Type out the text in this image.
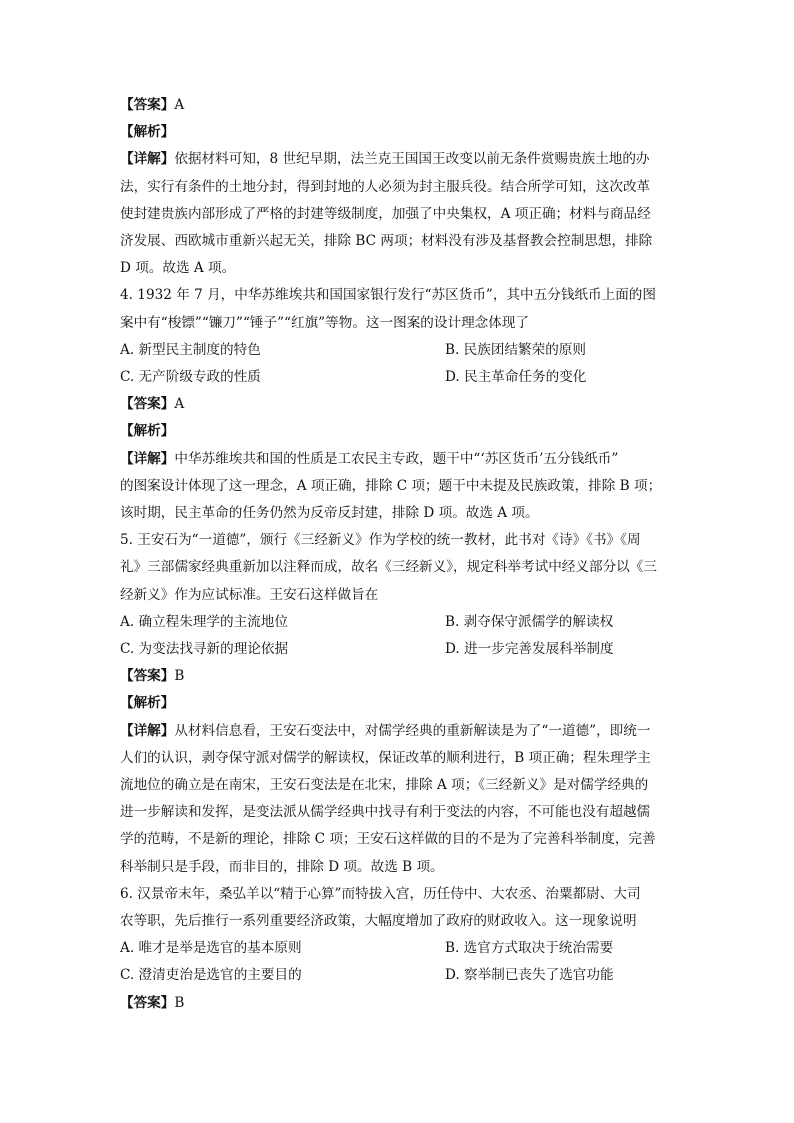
【答案】A
【解析】
【详解】依据材料可知，8 世纪早期，法兰克王国国王改变以前无条件赏赐贵族土地的办
法，实行有条件的土地分封，得到封地的人必须为封主服兵役。结合所学可知，这次改革
使封建贵族内部形成了严格的封建等级制度，加强了中央集权，A 项正确；材料与商品经
济发展、西欧城市重新兴起无关，排除 BC 两项；材料没有涉及基督教会控制思想，排除
D 项。故选 A 项。
4. 1932 年 7 月，中华苏维埃共和国国家银行发行“苏区货币”，其中五分钱纸币上面的图
案中有“梭镖”“镰刀”“锤子”“红旗”等物。这一图案的设计理念体现了
A. 新型民主制度的特色	B. 民族团结繁荣的原则
C. 无产阶级专政的性质	D. 民主革命任务的变化
【答案】A
【解析】
【详解】中华苏维埃共和国的性质是工农民主专政，题干中“‘苏区货币’五分钱纸币”
的图案设计体现了这一理念，A 项正确，排除 C 项；题干中未提及民族政策，排除 B 项；
该时期，民主革命的任务仍然为反帝反封建，排除 D 项。故选 A 项。
5. 王安石为“一道德”，颁行《三经新义》作为学校的统一教材，此书对《诗》《书》《周
礼》三部儒家经典重新加以注释而成，故名《三经新义》，规定科举考试中经义部分以《三
经新义》作为应试标准。王安石这样做旨在
A. 确立程朱理学的主流地位	B. 剥夺保守派儒学的解读权
C. 为变法找寻新的理论依据	D. 进一步完善发展科举制度
【答案】B
【解析】
【详解】从材料信息看，王安石变法中，对儒学经典的重新解读是为了“一道德”，即统一
人们的认识，剥夺保守派对儒学的解读权，保证改革的顺利进行，B 项正确；程朱理学主
流地位的确立是在南宋，王安石变法是在北宋，排除 A 项；《三经新义》是对儒学经典的
进一步解读和发挥，是变法派从儒学经典中找寻有利于变法的内容，不可能也没有超越儒
学的范畴，不是新的理论，排除 C 项；王安石这样做的目的不是为了完善科举制度，完善
科举制只是手段，而非目的，排除 D 项。故选 B 项。
6. 汉景帝末年，桑弘羊以“精于心算”而特拔入宫，历任侍中、大农丞、治粟都尉、大司
农等职，先后推行一系列重要经济政策，大幅度增加了政府的财政收入。这一现象说明
A. 唯才是举是选官的基本原则	B. 选官方式取决于统治需要
C. 澄清吏治是选官的主要目的	D. 察举制已丧失了选官功能
【答案】B
